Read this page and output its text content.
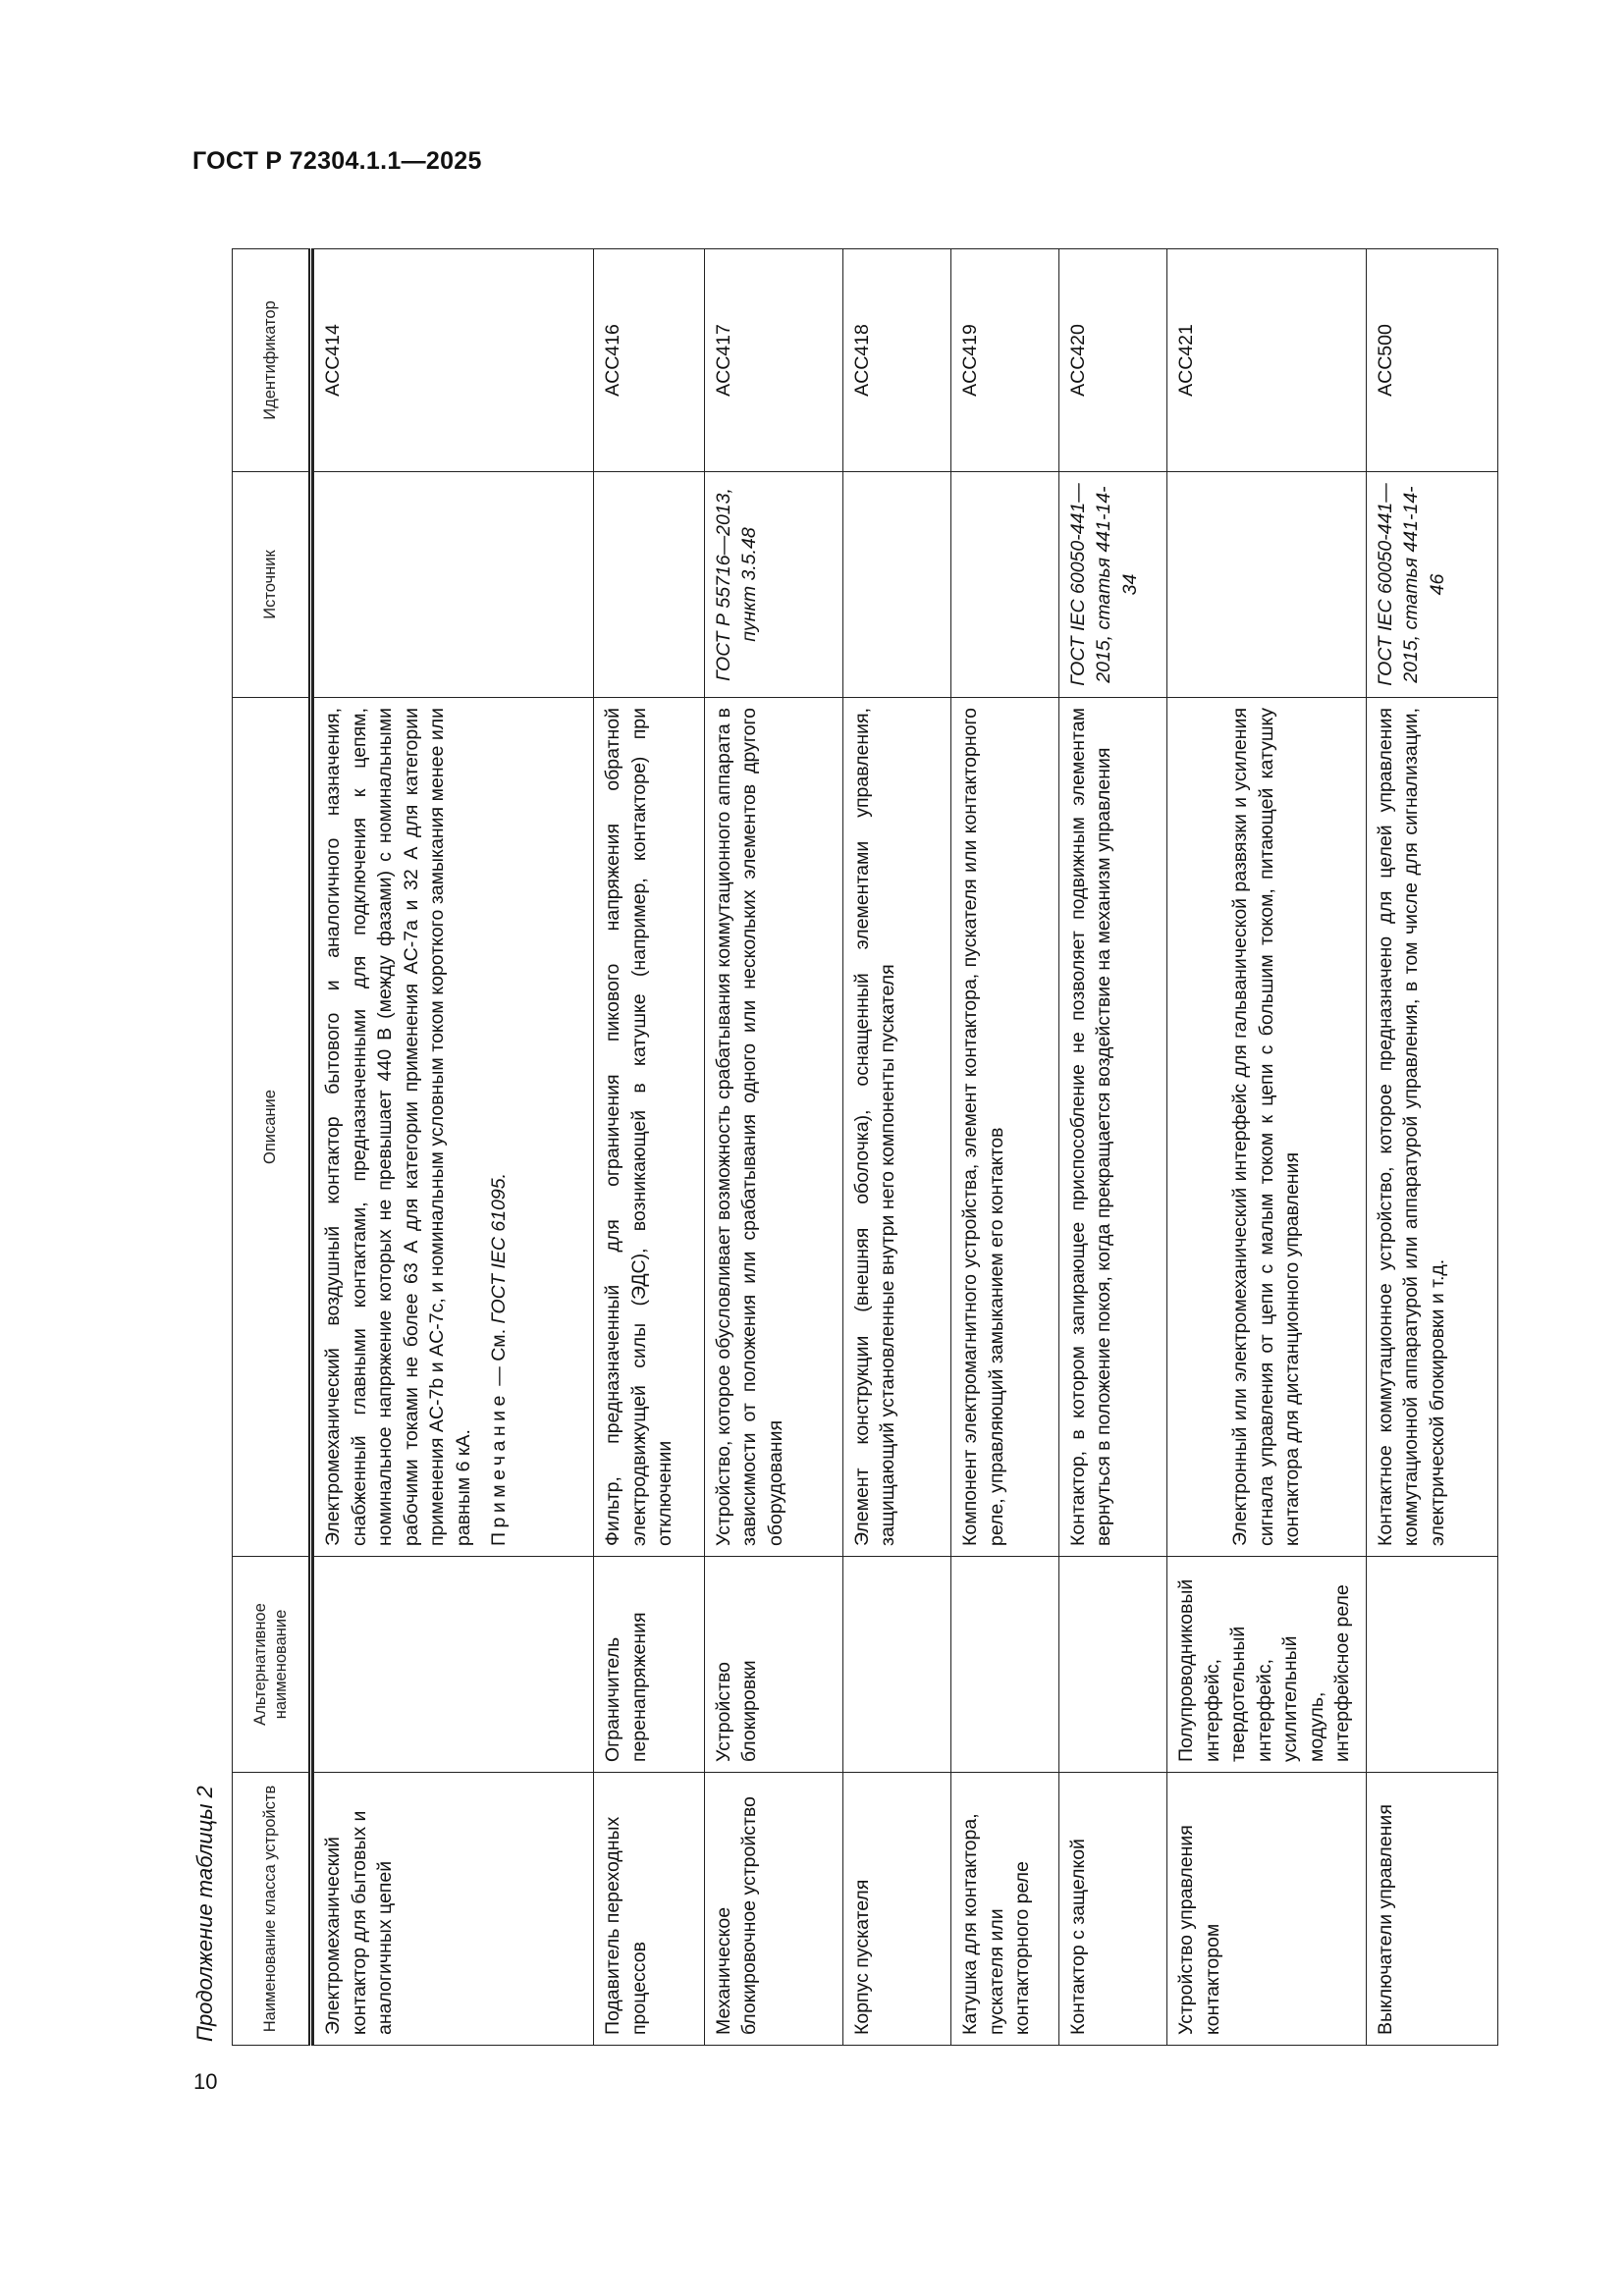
ГОСТ Р 72304.1.1—2025
Продолжение таблицы 2
10
Наименование класса устройств	Альтернативное наименование	Описание	Источник	Идентификатор

Электромеханический контактор для бытовых и аналогичных цепей		Электромеханический воздушный контактор бытового и аналогичного назначения, снабженный главными контактами, предназначенными для подключения к цепям, номинальное напряжение которых не превышает 440 В (между фазами) с номинальными рабочими токами не более 63 А для категории применения AC-7a и 32 А для категории применения AC-7b и AC-7c, и номинальным условным током короткого замыкания менее или равным 6 кА. Примечание — См. ГОСТ IEC 61095.		ACC414
Подавитель переходных процессов	Ограничитель перенапряжения	Фильтр, предназначенный для ограничения пикового напряжения обратной электродвижущей силы (ЭДС), возникающей в катушке (например, контакторе) при отключении		ACC416
Механическое блокировочное устройство	Устройство блокировки	Устройство, которое обусловливает возможность срабатывания коммутационного аппарата в зависимости от положения или срабатывания одного или нескольких элементов другого оборудования	ГОСТ Р 55716—2013, пункт 3.5.48	ACC417
Корпус пускателя		Элемент конструкции (внешняя оболочка), оснащенный элементами управления, защищающий установленные внутри него компоненты пускателя		ACC418
Катушка для контактора, пускателя или контакторного реле		Компонент электромагнитного устройства, элемент контактора, пускателя или контакторного реле, управляющий замыканием его контактов		ACC419
Контактор с защелкой		Контактор, в котором запирающее приспособление не позволяет подвижным элементам вернуться в положение покоя, когда прекращается воздействие на механизм управления	ГОСТ IEC 60050-441—2015, статья 441-14-34	ACC420
Устройство управления контактором	Полупроводниковый интерфейс, твердотельный интерфейс, усилительный модуль, интерфейсное реле	Электронный или электромеханический интерфейс для гальванической развязки и усиления сигнала управления от цепи с малым током к цепи с большим током, питающей катушку контактора для дистанционного управления		ACC421
Выключатели управления		Контактное коммутационное устройство, которое предназначено для целей управления коммутационной аппаратурой или аппаратурой управления, в том числе для сигнализации, электрической блокировки и т.д.	ГОСТ IEC 60050-441—2015, статья 441-14-46	ACC500
